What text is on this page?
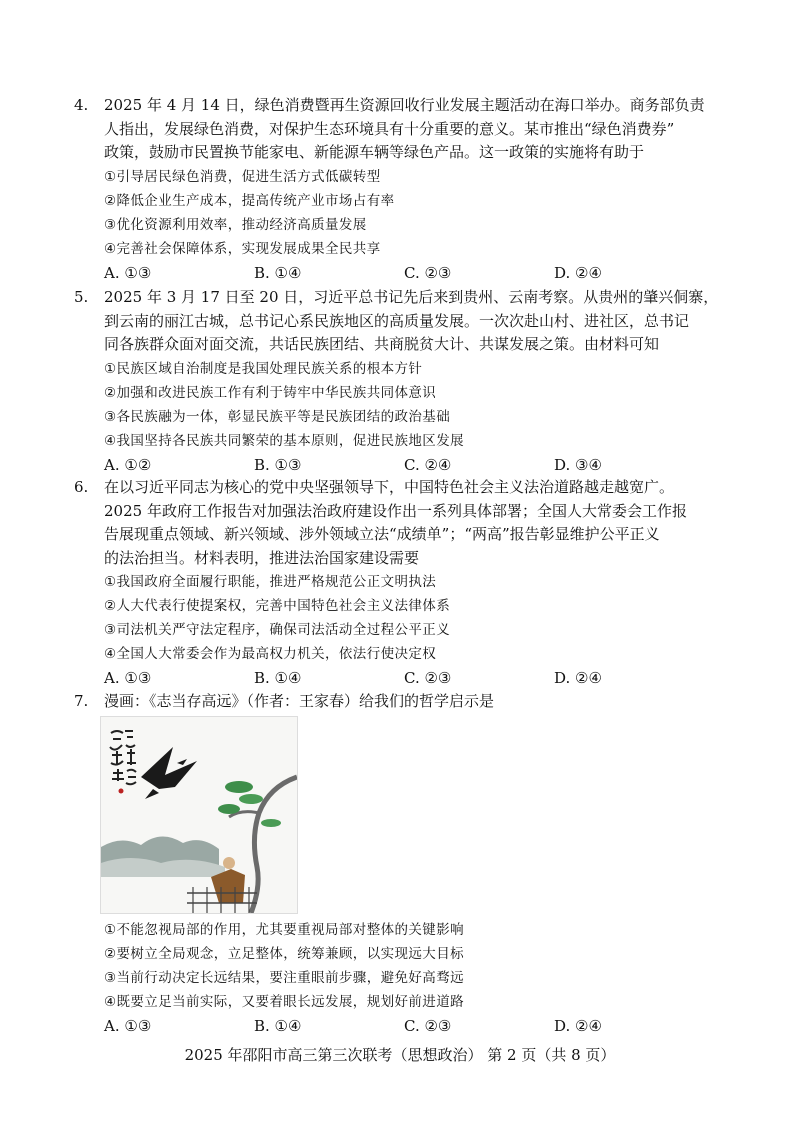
4. 2025 年 4 月 14 日，绿色消费暨再生资源回收行业发展主题活动在海口举办。商务部负责
人指出，发展绿色消费，对保护生态环境具有十分重要的意义。某市推出“绿色消费券”
政策，鼓励市民置换节能家电、新能源车辆等绿色产品。这一政策的实施将有助于
①引导居民绿色消费，促进生活方式低碳转型
②降低企业生产成本，提高传统产业市场占有率
③优化资源利用效率，推动经济高质量发展
④完善社会保障体系，实现发展成果全民共享
A. ①③	B. ①④	C. ②③	D. ②④
5. 2025 年 3 月 17 日至 20 日，习近平总书记先后来到贵州、云南考察。从贵州的肇兴侗寨，
到云南的丽江古城，总书记心系民族地区的高质量发展。一次次赴山村、进社区，总书记
同各族群众面对面交流，共话民族团结、共商脱贫大计、共谋发展之策。由材料可知
①民族区域自治制度是我国处理民族关系的根本方针
②加强和改进民族工作有利于铸牢中华民族共同体意识
③各民族融为一体，彰显民族平等是民族团结的政治基础
④我国坚持各民族共同繁荣的基本原则，促进民族地区发展
A. ①②	B. ①③	C. ②④	D. ③④
6. 在以习近平同志为核心的党中央坚强领导下，中国特色社会主义法治道路越走越宽广。
2025 年政府工作报告对加强法治政府建设作出一系列具体部署；全国人大常委会工作报
告展现重点领域、新兴领域、涉外领域立法“成绩单”；“两高”报告彰显维护公平正义
的法治担当。材料表明，推进法治国家建设需要
①我国政府全面履行职能，推进严格规范公正文明执法
②人大代表行使提案权，完善中国特色社会主义法律体系
③司法机关严守法定程序，确保司法活动全过程公平正义
④全国人大常委会作为最高权力机关，依法行使决定权
A. ①③	B. ①④	C. ②③	D. ②④
7. 漫画：《志当存高远》（作者：王家春）给我们的哲学启示是
①不能忽视局部的作用，尤其要重视局部对整体的关键影响
②要树立全局观念，立足整体，统筹兼顾，以实现远大目标
③当前行动决定长远结果，要注重眼前步骤，避免好高骛远
④既要立足当前实际，又要着眼长远发展，规划好前进道路
A. ①③	B. ①④	C. ②③	D. ②④
2025 年邵阳市高三第三次联考（思想政治） 第 2 页（共 8 页）
